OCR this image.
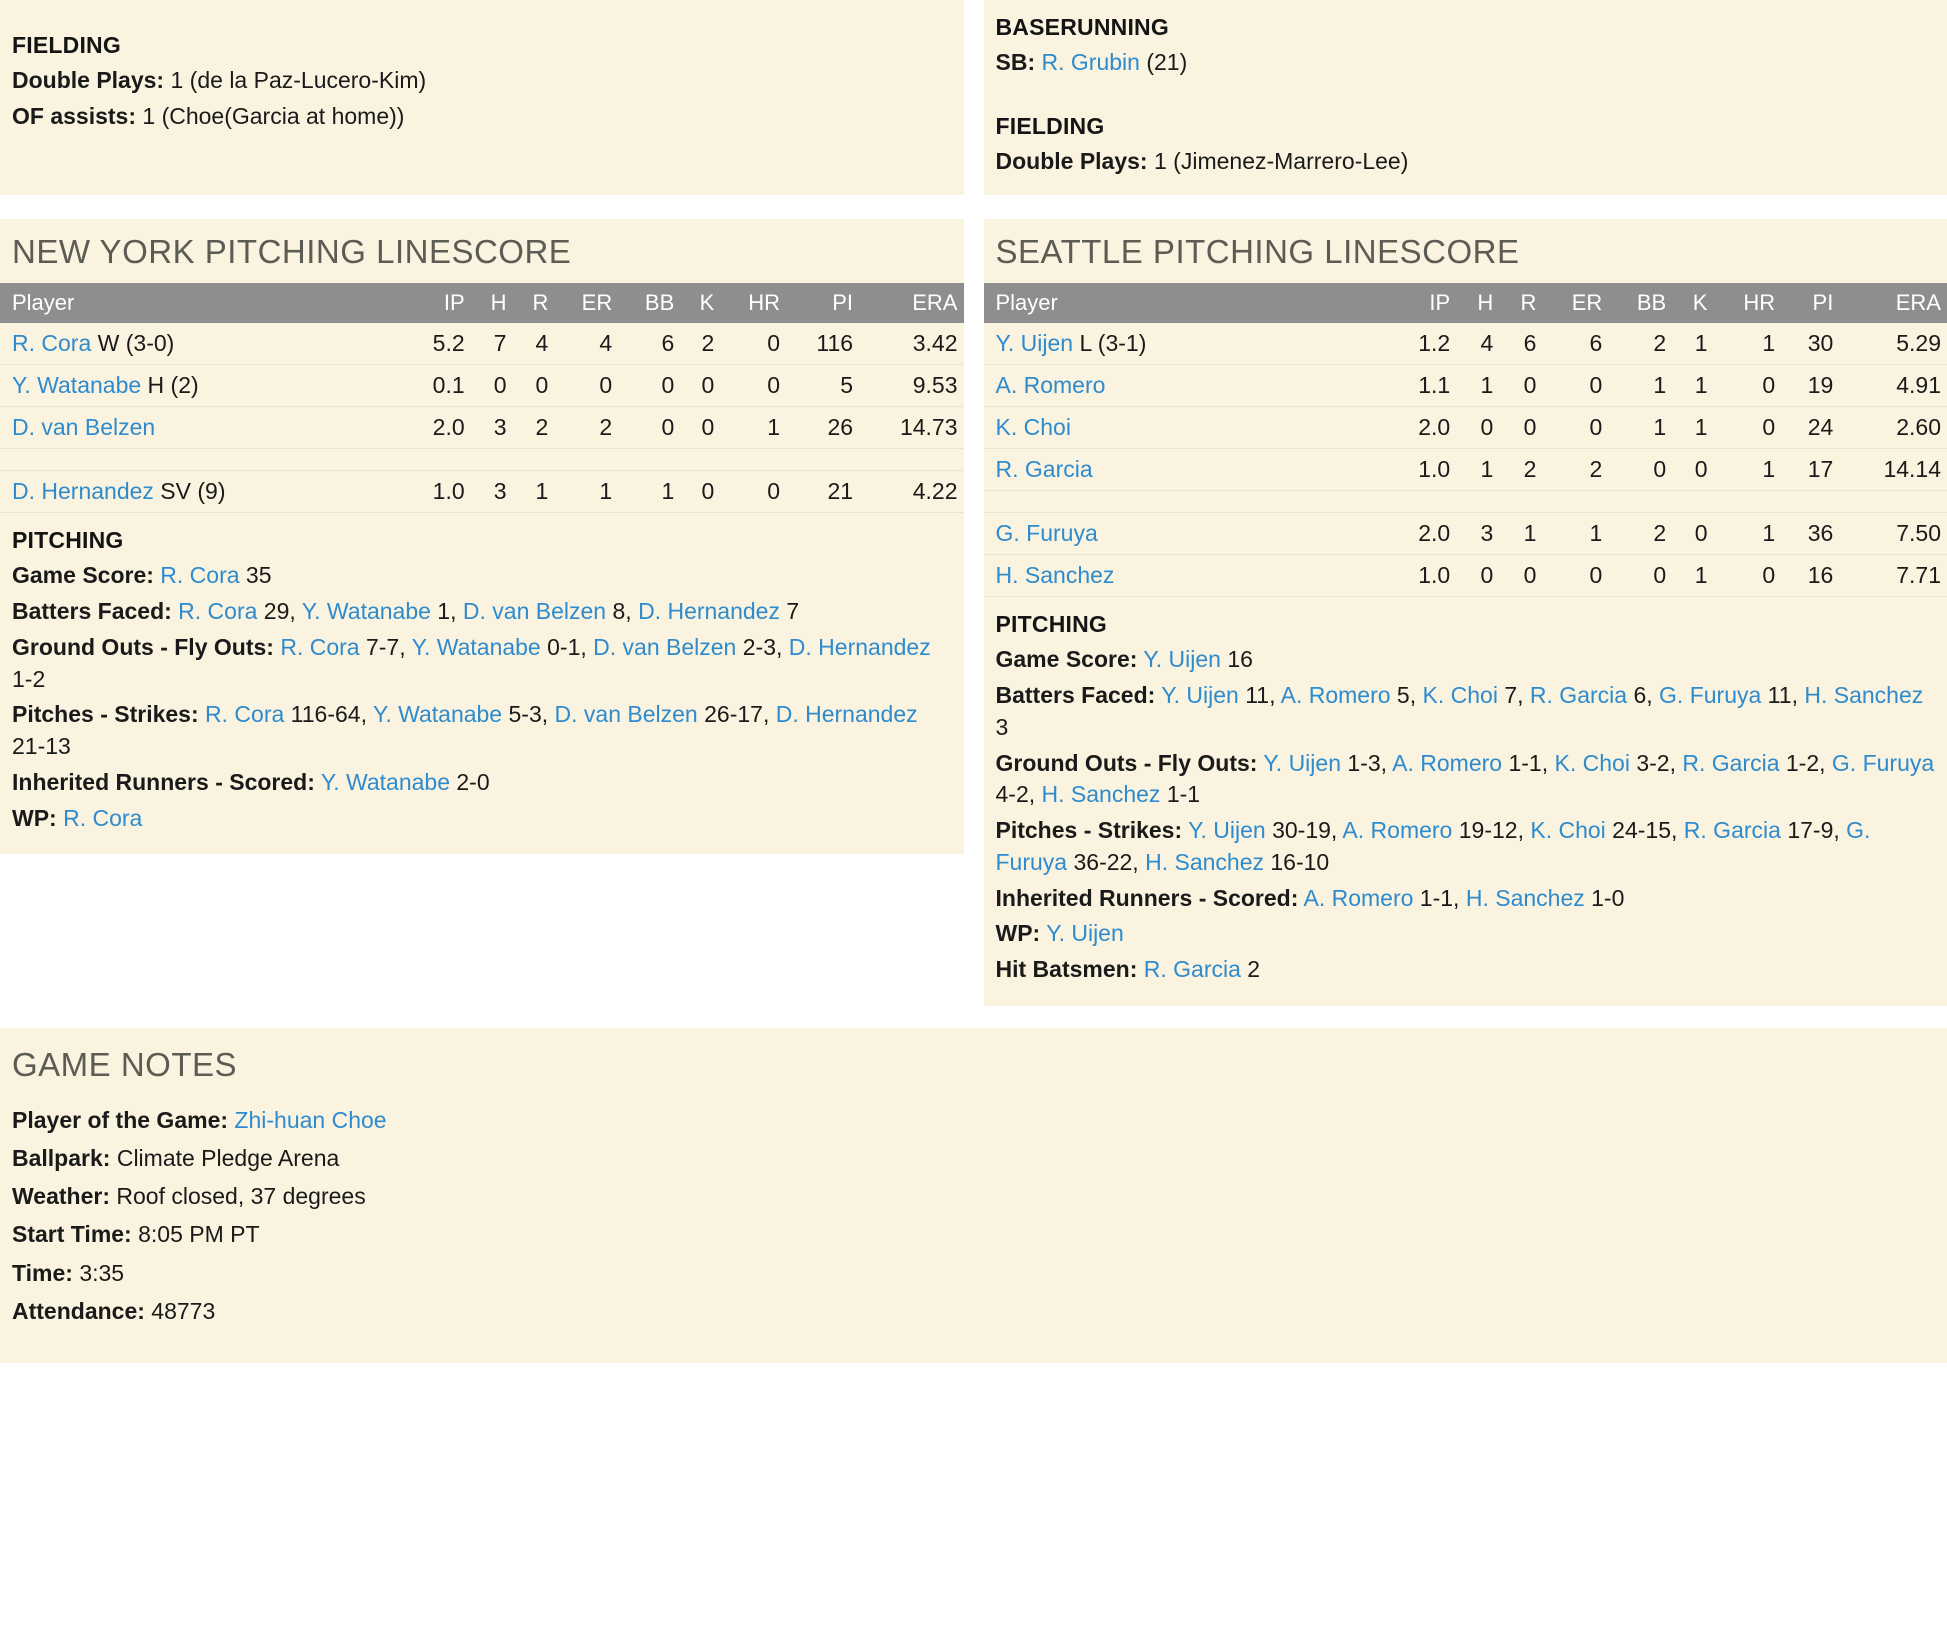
FIELDING
Double Plays: 1 (de la Paz-Lucero-Kim)
OF assists: 1 (Choe(Garcia at home))
BASERUNNING
SB: R. Grubin (21)
FIELDING
Double Plays: 1 (Jimenez-Marrero-Lee)
NEW YORK PITCHING LINESCORE
Player	IP	H	R	ER	BB	K	HR	PI	ERA
R. Cora W (3-0)	5.2	7	4	4	6	2	0	116	3.42
Y. Watanabe H (2)	0.1	0	0	0	0	0	0	5	9.53
D. van Belzen	2.0	3	2	2	0	0	1	26	14.73

D. Hernandez SV (9)	1.0	3	1	1	1	0	0	21	4.22
PITCHING
Game Score: R. Cora 35
Batters Faced: R. Cora 29, Y. Watanabe 1, D. van Belzen 8, D. Hernandez 7
Ground Outs - Fly Outs: R. Cora 7-7, Y. Watanabe 0-1, D. van Belzen 2-3, D. Hernandez 1-2
Pitches - Strikes: R. Cora 116-64, Y. Watanabe 5-3, D. van Belzen 26-17, D. Hernandez 21-13
Inherited Runners - Scored: Y. Watanabe 2-0
WP: R. Cora
SEATTLE PITCHING LINESCORE
Player	IP	H	R	ER	BB	K	HR	PI	ERA
Y. Uijen L (3-1)	1.2	4	6	6	2	1	1	30	5.29
A. Romero	1.1	1	0	0	1	1	0	19	4.91
K. Choi	2.0	0	0	0	1	1	0	24	2.60
R. Garcia	1.0	1	2	2	0	0	1	17	14.14

G. Furuya	2.0	3	1	1	2	0	1	36	7.50
H. Sanchez	1.0	0	0	0	0	1	0	16	7.71
PITCHING
Game Score: Y. Uijen 16
Batters Faced: Y. Uijen 11, A. Romero 5, K. Choi 7, R. Garcia 6, G. Furuya 11, H. Sanchez 3
Ground Outs - Fly Outs: Y. Uijen 1-3, A. Romero 1-1, K. Choi 3-2, R. Garcia 1-2, G. Furuya 4-2, H. Sanchez 1-1
Pitches - Strikes: Y. Uijen 30-19, A. Romero 19-12, K. Choi 24-15, R. Garcia 17-9, G. Furuya 36-22, H. Sanchez 16-10
Inherited Runners - Scored: A. Romero 1-1, H. Sanchez 1-0
WP: Y. Uijen
Hit Batsmen: R. Garcia 2
GAME NOTES
Player of the Game: Zhi-huan Choe
Ballpark: Climate Pledge Arena
Weather: Roof closed, 37 degrees
Start Time: 8:05 PM PT
Time: 3:35
Attendance: 48773
